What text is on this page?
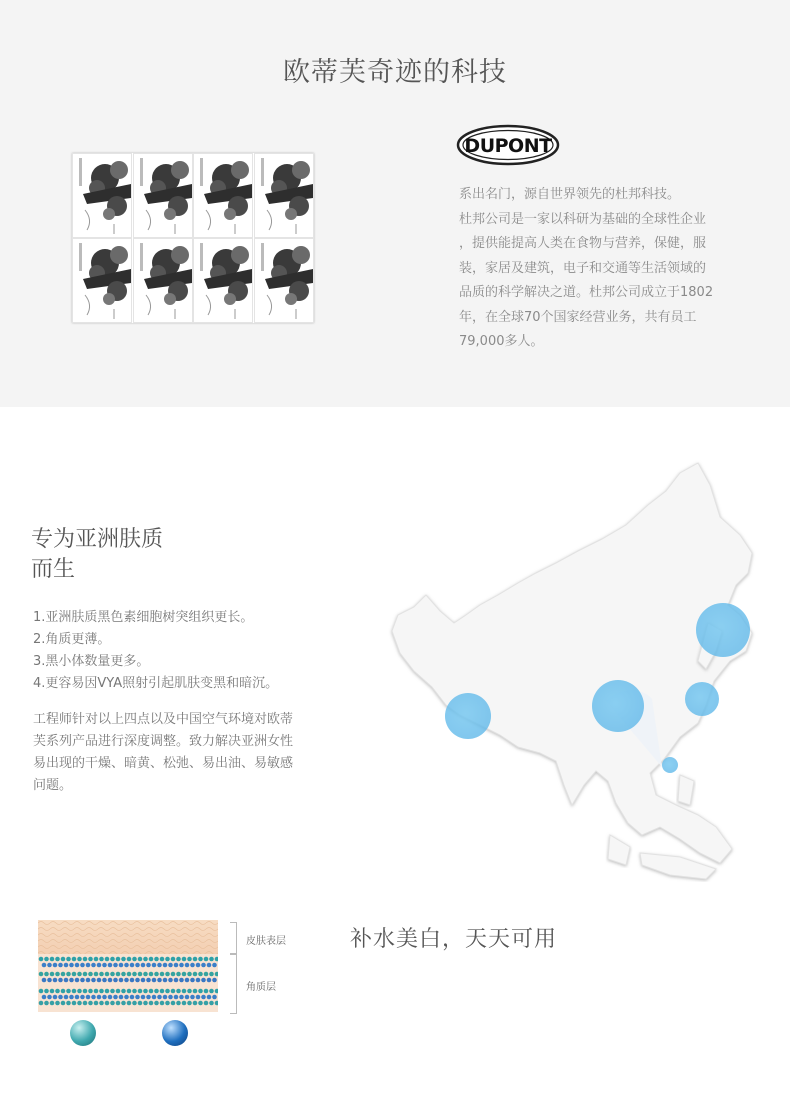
欧蒂芙奇迹的科技
DUPONT

系出名门，源自世界领先的杜邦科技。
杜邦公司是一家以科研为基础的全球性企业
，提供能提高人类在食物与营养，保健，服
装，家居及建筑，电子和交通等生活领域的
品质的科学解决之道。杜邦公司成立于1802
年，在全球70个国家经营业务，共有员工
79,000多人。

专为亚洲肤质
而生
1.亚洲肤质黑色素细胞树突组织更长。
2.角质更薄。
3.黑小体数量更多。
4.更容易因VYA照射引起肌肤变黑和暗沉。

工程师针对以上四点以及中国空气环境对欧蒂
芙系列产品进行深度调整。致力解决亚洲女性
易出现的干燥、暗黄、松弛、易出油、易敏感
问题。

皮肤表层
角质层
补水美白，天天可用
